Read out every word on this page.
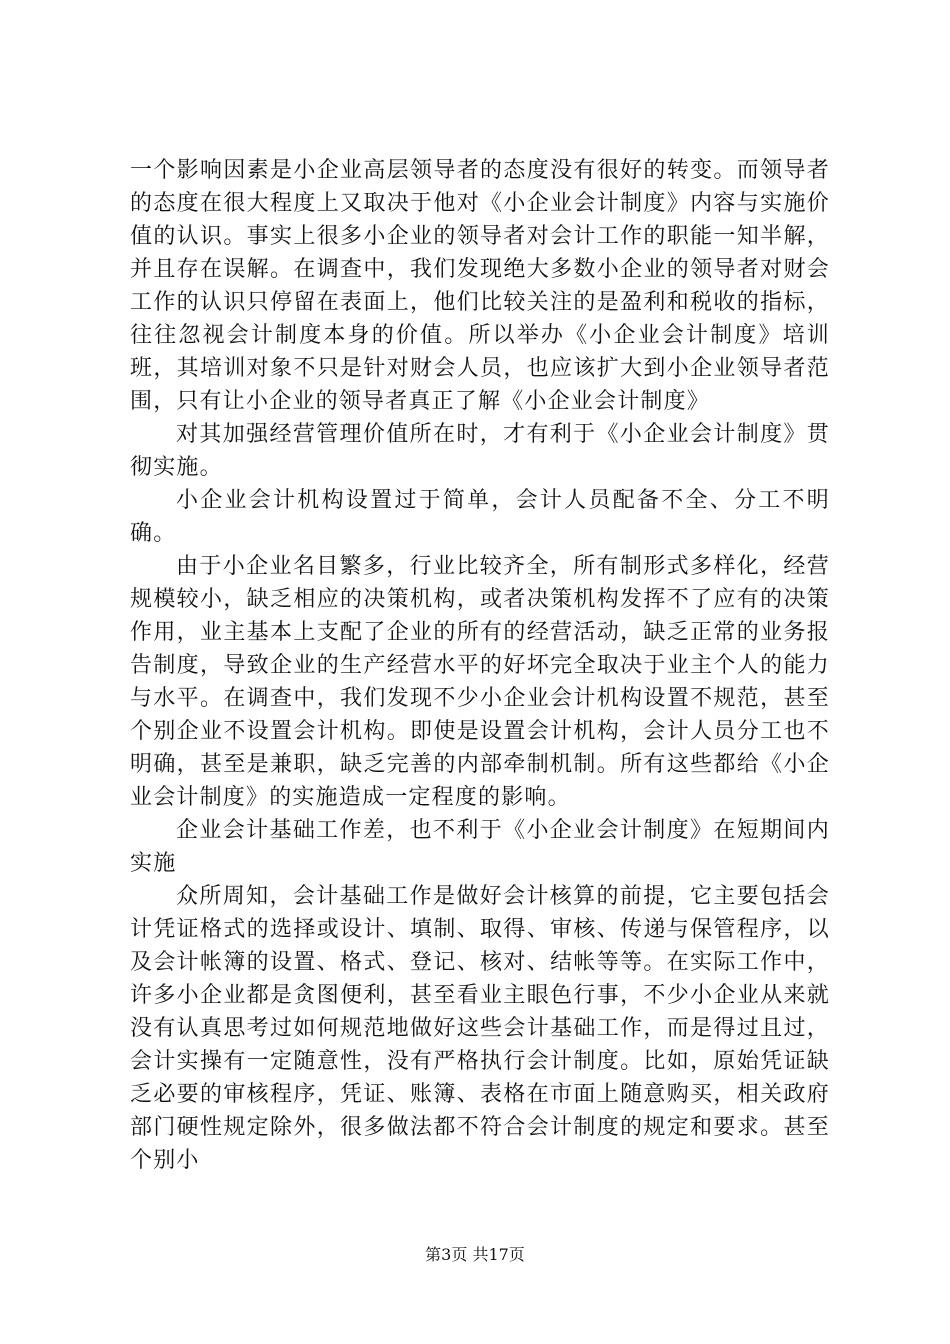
一个影响因素是小企业高层领导者的态度没有很好的转变。而领导者的态度在很大程度上又取决于他对《小企业会计制度》内容与实施价值的认识。事实上很多小企业的领导者对会计工作的职能一知半解，并且存在误解。在调查中，我们发现绝大多数小企业的领导者对财会工作的认识只停留在表面上，他们比较关注的是盈利和税收的指标，往往忽视会计制度本身的价值。所以举办《小企业会计制度》培训班，其培训对象不只是针对财会人员，也应该扩大到小企业领导者范围，只有让小企业的领导者真正了解《小企业会计制度》

对其加强经营管理价值所在时，才有利于《小企业会计制度》贯彻实施。

小企业会计机构设置过于简单，会计人员配备不全、分工不明确。

由于小企业名目繁多，行业比较齐全，所有制形式多样化，经营规模较小，缺乏相应的决策机构，或者决策机构发挥不了应有的决策作用，业主基本上支配了企业的所有的经营活动，缺乏正常的业务报告制度，导致企业的生产经营水平的好坏完全取决于业主个人的能力与水平。在调查中，我们发现不少小企业会计机构设置不规范，甚至个别企业不设置会计机构。即使是设置会计机构，会计人员分工也不明确，甚至是兼职，缺乏完善的内部牵制机制。所有这些都给《小企业会计制度》的实施造成一定程度的影响。

企业会计基础工作差，也不利于《小企业会计制度》在短期间内实施

众所周知，会计基础工作是做好会计核算的前提，它主要包括会计凭证格式的选择或设计、填制、取得、审核、传递与保管程序，以及会计帐簿的设置、格式、登记、核对、结帐等等。在实际工作中，许多小企业都是贪图便利，甚至看业主眼色行事，不少小企业从来就没有认真思考过如何规范地做好这些会计基础工作，而是得过且过，会计实操有一定随意性，没有严格执行会计制度。比如，原始凭证缺乏必要的审核程序，凭证、账簿、表格在市面上随意购买，相关政府部门硬性规定除外，很多做法都不符合会计制度的规定和要求。甚至个别小

第3页 共17页
